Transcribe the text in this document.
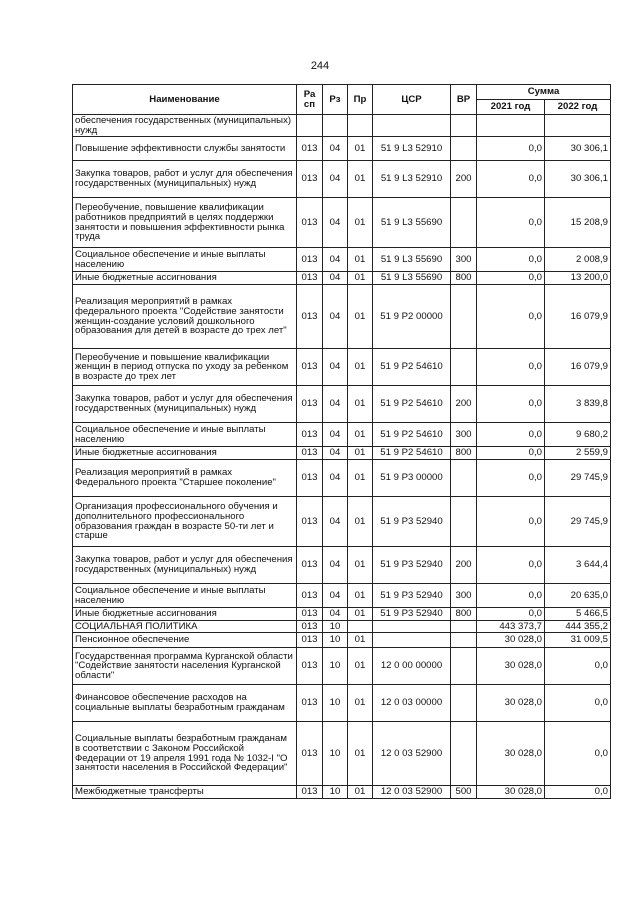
244
Наименование	Ра сп	Рз	Пр	ЦСР	ВР	Сумма	
						2021 год	2022 год
обеспечения государственных (муниципальных) нужд							
Повышение эффективности службы занятости	013	04	01	51 9 L3 52910		0,0	30 306,1
Закупка товаров, работ и услуг для обеспечения государственных (муниципальных) нужд	013	04	01	51 9 L3 52910	200	0,0	30 306,1
Переобучение, повышение квалификации работников предприятий в целях поддержки занятости и повышения эффективности рынка труда	013	04	01	51 9 L3 55690		0,0	15 208,9
Социальное обеспечение и иные выплаты населению	013	04	01	51 9 L3 55690	300	0,0	2 008,9
Иные бюджетные ассигнования	013	04	01	51 9 L3 55690	800	0,0	13 200,0
Реализация мероприятий в рамках федерального проекта "Содействие занятости женщин-создание условий дошкольного образования для детей в возрасте до трех лет"	013	04	01	51 9 P2 00000		0,0	16 079,9
Переобучение и повышение квалификации женщин в период отпуска по уходу за ребенком в возрасте до трех лет	013	04	01	51 9 P2 54610		0,0	16 079,9
Закупка товаров, работ и услуг для обеспечения государственных (муниципальных) нужд	013	04	01	51 9 P2 54610	200	0,0	3 839,8
Социальное обеспечение и иные выплаты населению	013	04	01	51 9 P2 54610	300	0,0	9 680,2
Иные бюджетные ассигнования	013	04	01	51 9 P2 54610	800	0,0	2 559,9
Реализация мероприятий в рамках Федерального проекта "Старшее поколение"	013	04	01	51 9 P3 00000		0,0	29 745,9
Организация профессионального обучения и дополнительного профессионального образования граждан в возрасте 50-ти лет и старше	013	04	01	51 9 P3 52940		0,0	29 745,9
Закупка товаров, работ и услуг для обеспечения государственных (муниципальных) нужд	013	04	01	51 9 P3 52940	200	0,0	3 644,4
Социальное обеспечение и иные выплаты населению	013	04	01	51 9 P3 52940	300	0,0	20 635,0
Иные бюджетные ассигнования	013	04	01	51 9 P3 52940	800	0,0	5 466,5
СОЦИАЛЬНАЯ ПОЛИТИКА	013	10				443 373,7	444 355,2
Пенсионное обеспечение	013	10	01			30 028,0	31 009,5
Государственная программа Курганской области "Содействие занятости населения Курганской области"	013	10	01	12 0 00 00000		30 028,0	0,0
Финансовое обеспечение расходов на социальные выплаты безработным гражданам	013	10	01	12 0 03 00000		30 028,0	0,0
Социальные выплаты безработным гражданам в соответствии с Законом Российской Федерации от 19 апреля 1991 года № 1032-I "О занятости населения в Российской Федерации"	013	10	01	12 0 03 52900		30 028,0	0,0
Межбюджетные трансферты	013	10	01	12 0 03 52900	500	30 028,0	0,0
